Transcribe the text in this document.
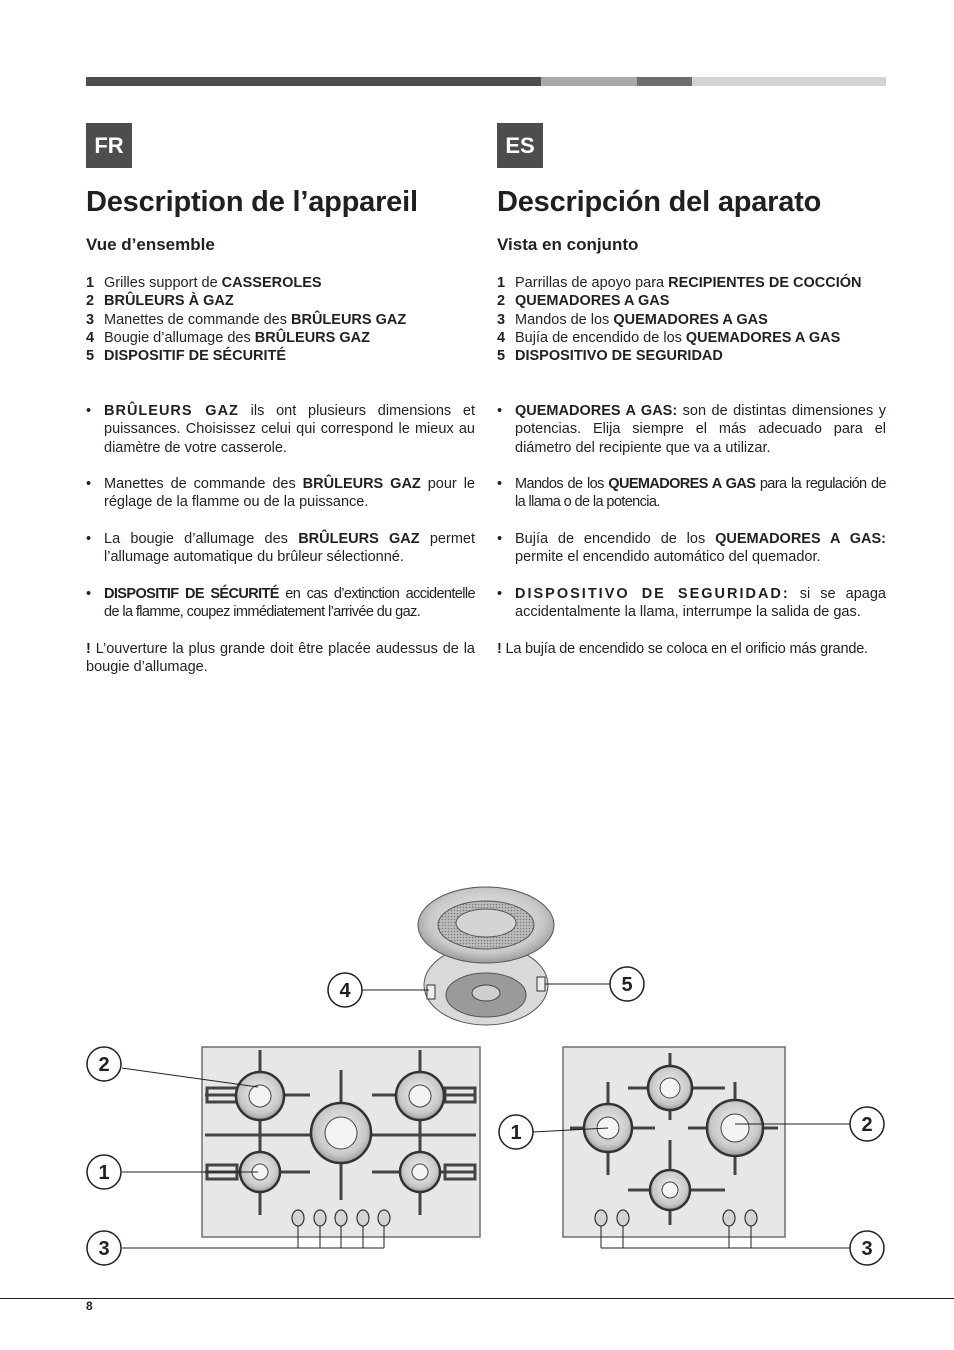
FR
Description de l’appareil
Vue d’ensemble
1 Grilles support de CASSEROLES
2 BRÛLEURS À GAZ
3 Manettes de commande des BRÛLEURS GAZ
4 Bougie d’allumage des BRÛLEURS GAZ
5 DISPOSITIF DE SÉCURITÉ
• BRÛLEURS GAZ ils ont plusieurs dimensions et puissances. Choisissez celui qui correspond le mieux au diamètre de votre casserole.
• Manettes de commande des BRÛLEURS GAZ pour le réglage de la flamme ou de la puissance.
• La bougie d’allumage des BRÛLEURS GAZ permet l’allumage automatique du brûleur sélectionné.
• DISPOSITIF DE SÉCURITÉ en cas d’extinction accidentelle de la flamme, coupez immédiatement l’arrivée du gaz.
! L’ouverture la plus grande doit être placée audessus de la bougie d’allumage.
ES
Descripción del aparato
Vista en conjunto
1 Parrillas de apoyo para RECIPIENTES DE COCCIÓN
2 QUEMADORES A GAS
3 Mandos de los QUEMADORES A GAS
4 Bujía de encendido de los QUEMADORES A GAS
5 DISPOSITIVO DE SEGURIDAD
• QUEMADORES A GAS: son de distintas dimensiones y potencias. Elija siempre el más adecuado para el diámetro del recipiente que va a utilizar.
• Mandos de los QUEMADORES A GAS para la regulación de la llama o de la potencia.
• Bujía de encendido de los QUEMADORES A GAS: permite el encendido automático del quemador.
• DISPOSITIVO DE SEGURIDAD: si se apaga accidentalmente la llama, interrumpe la salida de gas.
! La bujía de encendido se coloca en el orificio más grande.
4	5
2
1
3
1	2
3
8
